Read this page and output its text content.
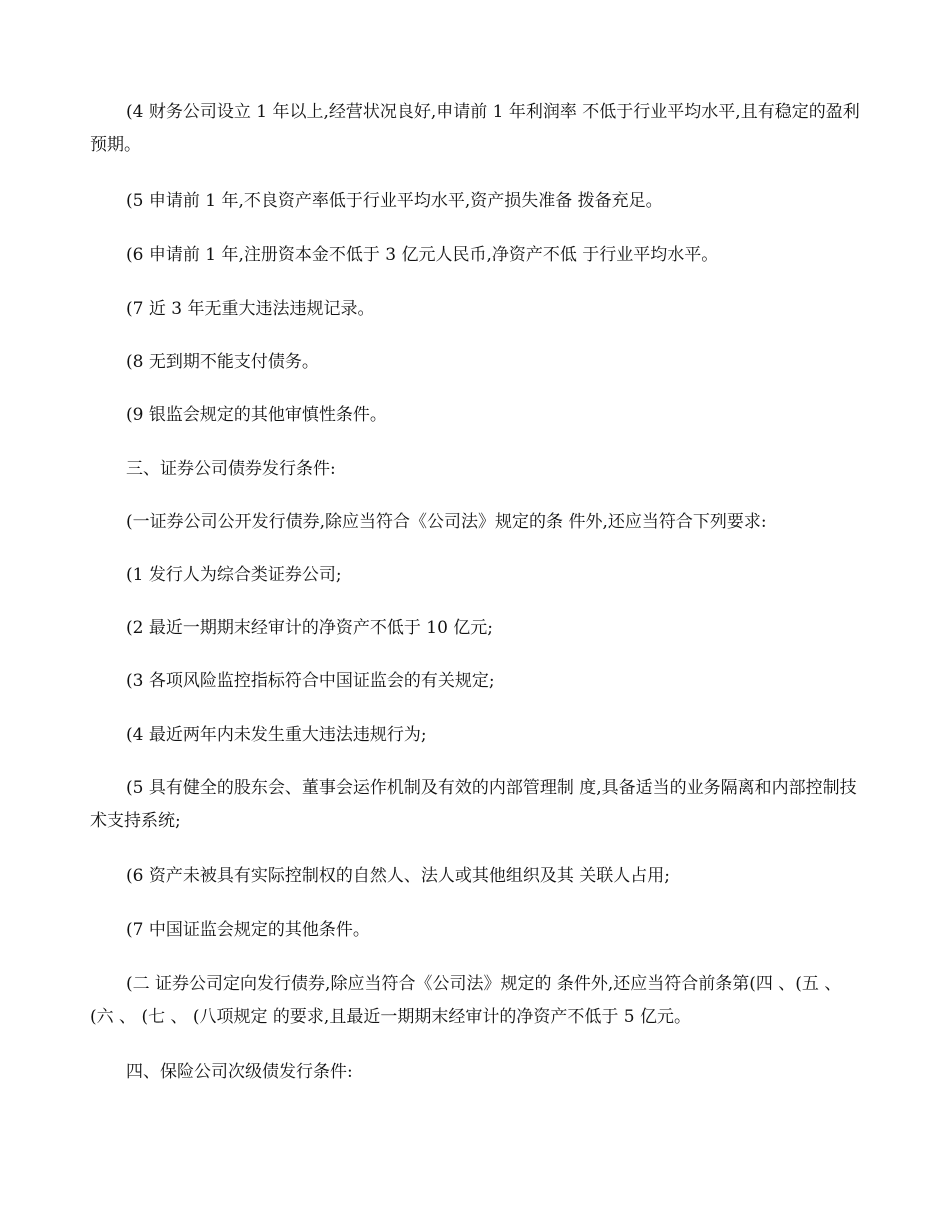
(4 财务公司设立 1 年以上,经营状况良好,申请前 1 年利润率 不低于行业平均水平,且有稳定的盈利预期。

(5 申请前 1 年,不良资产率低于行业平均水平,资产损失准备 拨备充足。

(6 申请前 1 年,注册资本金不低于 3 亿元人民币,净资产不低 于行业平均水平。

(7 近 3 年无重大违法违规记录。

(8 无到期不能支付债务。

(9 银监会规定的其他审慎性条件。

三、证券公司债券发行条件:

(一证券公司公开发行债券,除应当符合《公司法》规定的条 件外,还应当符合下列要求:

(1 发行人为综合类证券公司;

(2 最近一期期末经审计的净资产不低于 10 亿元;

(3 各项风险监控指标符合中国证监会的有关规定;

(4 最近两年内未发生重大违法违规行为;

(5 具有健全的股东会、董事会运作机制及有效的内部管理制 度,具备适当的业务隔离和内部控制技术支持系统;

(6 资产未被具有实际控制权的自然人、法人或其他组织及其 关联人占用;

(7 中国证监会规定的其他条件。

(二 证券公司定向发行债券,除应当符合《公司法》规定的 条件外,还应当符合前条第(四 、(五 、 (六 、 (七 、 (八项规定 的要求,且最近一期期末经审计的净资产不低于 5 亿元。

四、保险公司次级债发行条件:
